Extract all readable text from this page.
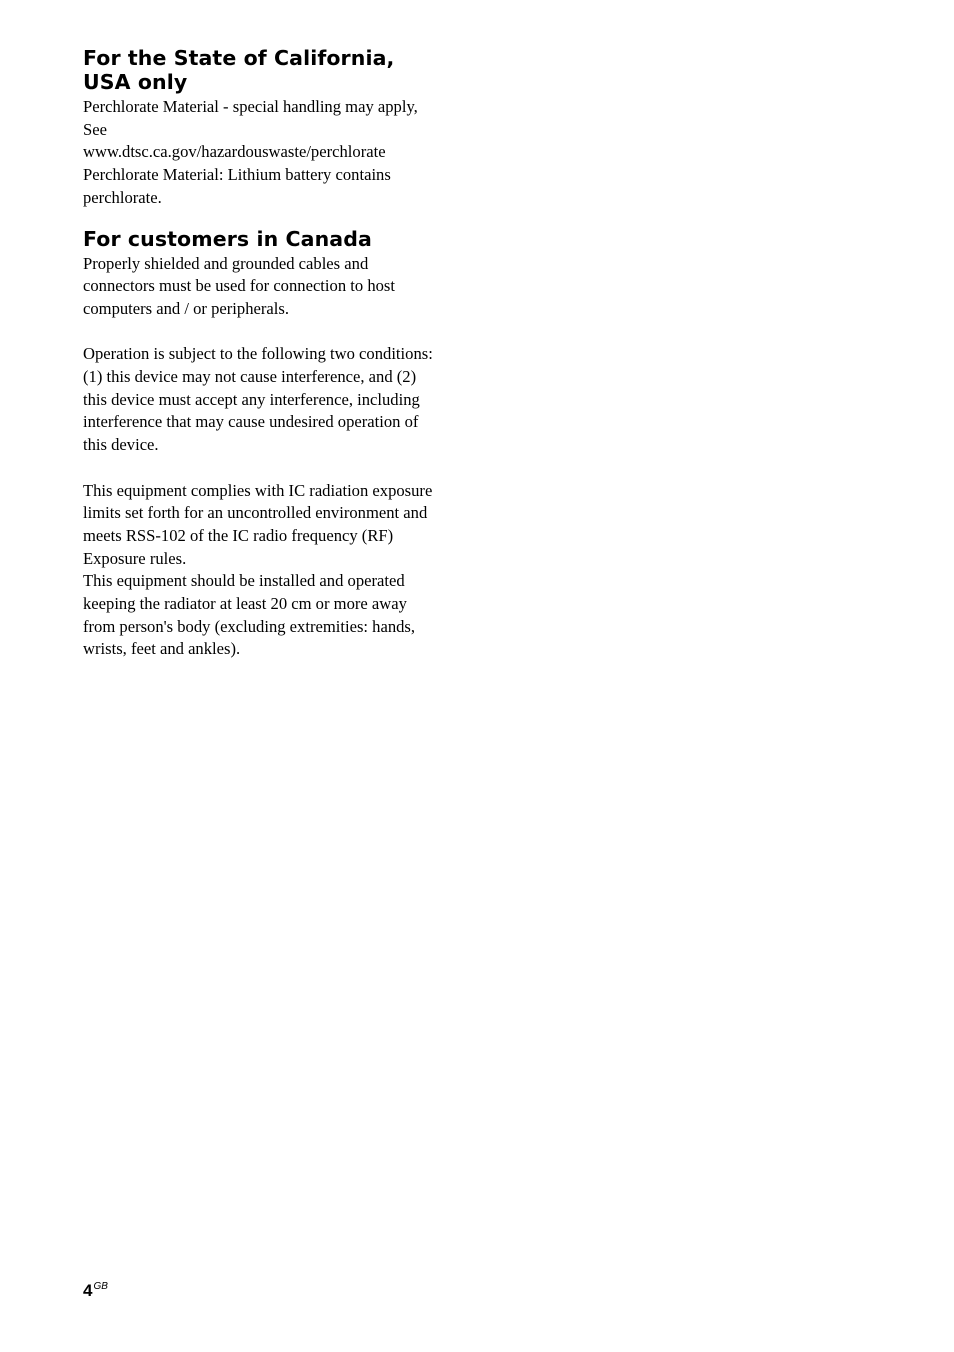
For the State of California,
USA only

Perchlorate Material - special handling may apply,
See
www.dtsc.ca.gov/hazardouswaste/perchlorate
Perchlorate Material: Lithium battery contains
perchlorate.

For customers in Canada

Properly shielded and grounded cables and
connectors must be used for connection to host
computers and / or peripherals.

Operation is subject to the following two conditions:
(1) this device may not cause interference, and (2)
this device must accept any interference, including
interference that may cause undesired operation of
this device.

This equipment complies with IC radiation exposure
limits set forth for an uncontrolled environment and
meets RSS-102 of the IC radio frequency (RF)
Exposure rules.
This equipment should be installed and operated
keeping the radiator at least 20 cm or more away
from person's body (excluding extremities: hands,
wrists, feet and ankles).

$4^{GB}$
